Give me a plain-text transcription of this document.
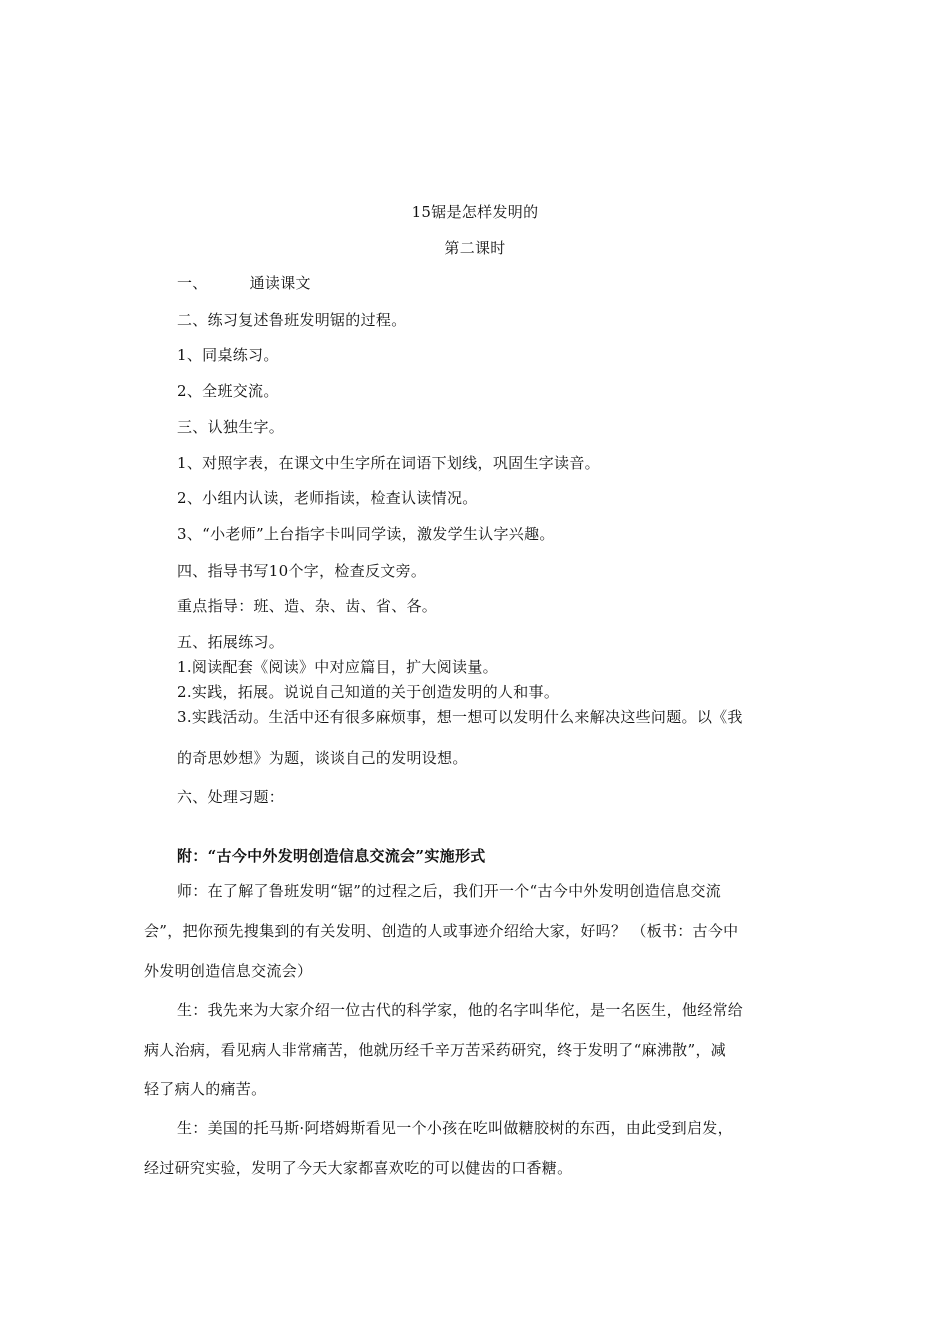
15锯是怎样发明的
第二课时
一、	通读课文
二、练习复述鲁班发明锯的过程。
1、同桌练习。
2、全班交流。
三、认独生字。
1、对照字表，在课文中生字所在词语下划线，巩固生字读音。
2、小组内认读，老师指读，检查认读情况。
3、“小老师”上台指字卡叫同学读，激发学生认字兴趣。
四、指导书写10个字，检查反文旁。
重点指导：班、造、杂、齿、省、各。
五、拓展练习。
1.阅读配套《阅读》中对应篇目，扩大阅读量。
2.实践，拓展。说说自己知道的关于创造发明的人和事。
3.实践活动。生活中还有很多麻烦事，想一想可以发明什么来解决这些问题。以《我
的奇思妙想》为题，谈谈自己的发明设想。
六、处理习题：
附：“古今中外发明创造信息交流会”实施形式
师：在了解了鲁班发明“锯”的过程之后，我们开一个“古今中外发明创造信息交流
会”，把你预先搜集到的有关发明、创造的人或事迹介绍给大家，好吗？ （板书：古今中
外发明创造信息交流会）
生：我先来为大家介绍一位古代的科学家，他的名字叫华佗，是一名医生，他经常给
病人治病，看见病人非常痛苦，他就历经千辛万苦采药研究，终于发明了“麻沸散”，减
轻了病人的痛苦。
生：美国的托马斯·阿塔姆斯看见一个小孩在吃叫做糖胶树的东西，由此受到启发，
经过研究实验，发明了今天大家都喜欢吃的可以健齿的口香糖。
